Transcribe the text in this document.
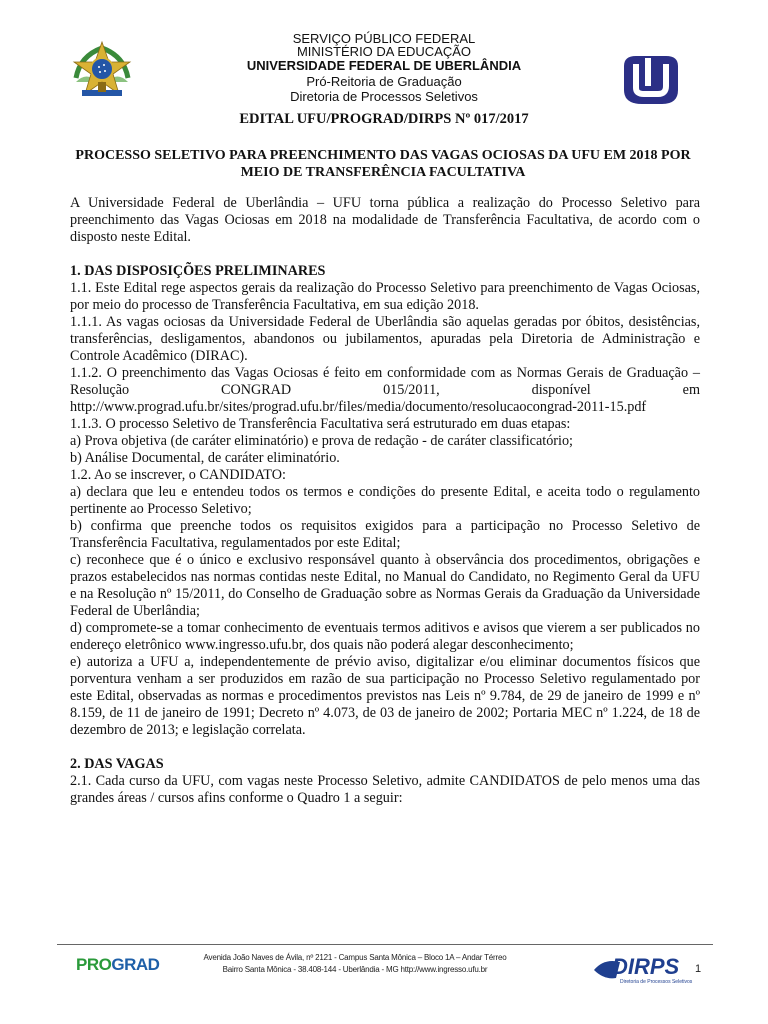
SERVIÇO PÚBLICO FEDERAL
MINISTÉRIO DA EDUCAÇÃO
UNIVERSIDADE FEDERAL DE UBERLÂNDIA
Pró-Reitoria de Graduação
Diretoria de Processos Seletivos
EDITAL UFU/PROGRAD/DIRPS Nº 017/2017
PROCESSO SELETIVO PARA PREENCHIMENTO DAS VAGAS OCIOSAS DA UFU EM 2018 POR MEIO DE TRANSFERÊNCIA FACULTATIVA

A Universidade Federal de Uberlândia – UFU torna pública a realização do Processo Seletivo para preenchimento das Vagas Ociosas em 2018 na modalidade de Transferência Facultativa, de acordo com o disposto neste Edital.

1. DAS DISPOSIÇÕES PRELIMINARES

1.1. Este Edital rege aspectos gerais da realização do Processo Seletivo para preenchimento de Vagas Ociosas, por meio do processo de Transferência Facultativa, em sua edição 2018.

1.1.1. As vagas ociosas da Universidade Federal de Uberlândia são aquelas geradas por óbitos, desistências, transferências, desligamentos, abandonos ou jubilamentos, apuradas pela Diretoria de Administração e Controle Acadêmico (DIRAC).

1.1.2. O preenchimento das Vagas Ociosas é feito em conformidade com as Normas Gerais de Graduação – Resolução CONGRAD 015/2011, disponível em

http://www.prograd.ufu.br/sites/prograd.ufu.br/files/media/documento/resolucaocongrad-2011-15.pdf

1.1.3. O processo Seletivo de Transferência Facultativa será estruturado em duas etapas:

a) Prova objetiva (de caráter eliminatório) e prova de redação - de caráter classificatório;

b) Análise Documental, de caráter eliminatório.

1.2. Ao se inscrever, o CANDIDATO:

a) declara que leu e entendeu todos os termos e condições do presente Edital, e aceita todo o regulamento pertinente ao Processo Seletivo;

b) confirma que preenche todos os requisitos exigidos para a participação no Processo Seletivo de Transferência Facultativa, regulamentados por este Edital;

c) reconhece que é o único e exclusivo responsável quanto à observância dos procedimentos, obrigações e prazos estabelecidos nas normas contidas neste Edital, no Manual do Candidato, no Regimento Geral da UFU e na Resolução nº 15/2011, do Conselho de Graduação sobre as Normas Gerais da Graduação da Universidade Federal de Uberlândia;

d) compromete-se a tomar conhecimento de eventuais termos aditivos e avisos que vierem a ser publicados no endereço eletrônico www.ingresso.ufu.br, dos quais não poderá alegar desconhecimento;

e) autoriza a UFU a, independentemente de prévio aviso, digitalizar e/ou eliminar documentos físicos que porventura venham a ser produzidos em razão de sua participação no Processo Seletivo regulamentado por este Edital, observadas as normas e procedimentos previstos nas Leis nº 9.784, de 29 de janeiro de 1999 e nº 8.159, de 11 de janeiro de 1991; Decreto nº 4.073, de 03 de janeiro de 2002; Portaria MEC nº 1.224, de 18 de dezembro de 2013; e legislação correlata.

2. DAS VAGAS

2.1. Cada curso da UFU, com vagas neste Processo Seletivo, admite CANDIDATOS de pelo menos uma das grandes áreas / cursos afins conforme o Quadro 1 a seguir:

PROGRAD	Avenida João Naves de Ávila, nº 2121 - Campus Santa Mônica – Bloco 1A – Andar Térreo
Bairro Santa Mônica - 38.408-144 - Uberlândia - MG http://www.ingresso.ufu.br	DIRPS
Diretoria de Processos Seletivos
1
